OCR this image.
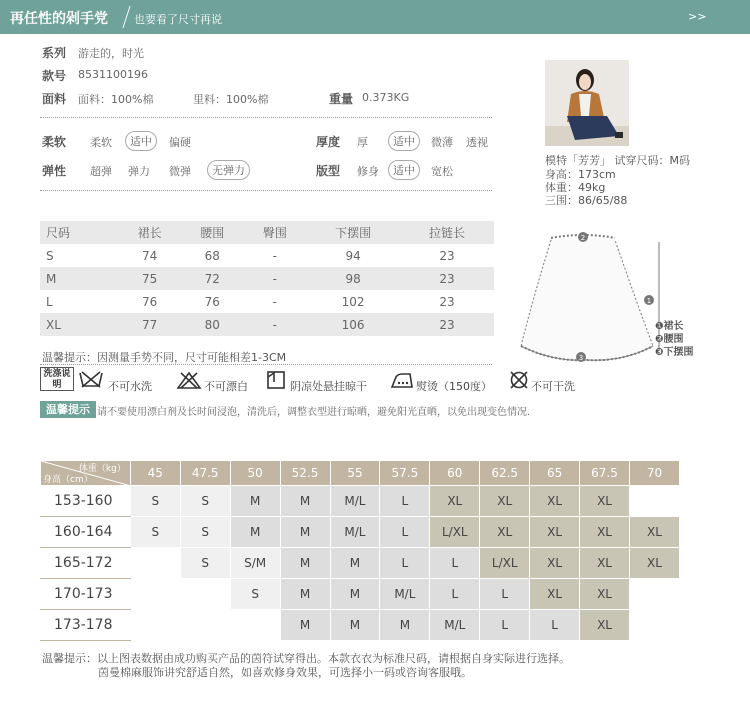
再任性的剁手党 也要看了尺寸再说	>>
系列 游走的，时光
款号 8531100196
面料 面料：100%棉	里料：100%棉	重量 0.373KG
柔软 柔软	适中	偏硬	厚度 厚	适中	微薄 透视
弹性 超弹 弹力 微弹	无弹力	版型 修身	适中	宽松
尺码	裙长	腰围	臀围	下摆围	拉链长
S	74	68	-	94	23
M	75	72	-	98	23
L	76	76	-	102	23
XL	77	80	-	106	23
温馨提示：因测量手势不同，尺寸可能相差1-3CM
模特「芳芳」 试穿尺码：M码
身高：173cm
体重：49kg
三围：86/65/88
2
1
3
❶裙长
❷腰围
❸下摆围
洗涤说明	不可水洗	不可漂白	阴凉处悬挂晾干	熨烫（150度）	不可干洗
温馨提示 请不要使用漂白剂及长时间浸泡，清洗后，调整衣型进行晾晒，避免阳光直晒，以免出现变色情况.
体重（kg）
身高（cm）	45	47.5	50	52.5	55	57.5	60	62.5	65	67.5	70
153-160	S	S	M	M	M/L	L	XL	XL	XL	XL	
160-164	S	S	M	M	M/L	L	L/XL	XL	XL	XL	XL
165-172		S	S/M	M	M	L	L	L/XL	XL	XL	XL
170-173			S	M	M	M/L	L	L	XL	XL	
173-178				M	M	M	M/L	L	L	XL	
温馨提示：以上图表数据由成功购买产品的茵符试穿得出。本款衣衣为标准尺码，请根据自身实际进行选择。
茵曼棉麻服饰讲究舒适自然，如喜欢修身效果，可选择小一码或咨询客服哦。
